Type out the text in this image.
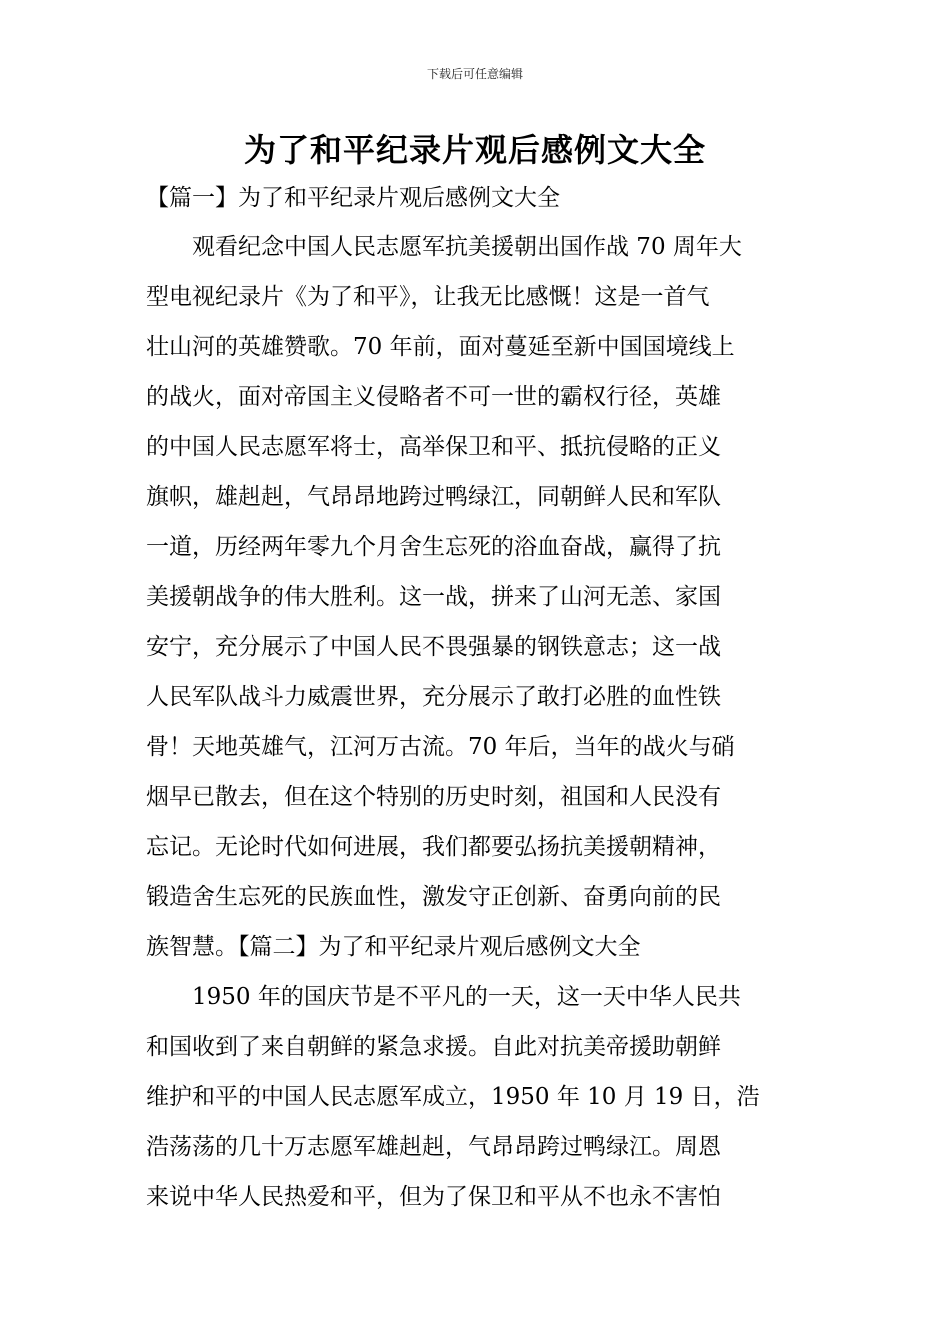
下载后可任意编辑
为了和平纪录片观后感例文大全
【篇一】为了和平纪录片观后感例文大全
　　观看纪念中国人民志愿军抗美援朝出国作战 70 周年大
型电视纪录片《为了和平》，让我无比感慨！这是一首气
壮山河的英雄赞歌。70 年前，面对蔓延至新中国国境线上
的战火，面对帝国主义侵略者不可一世的霸权行径，英雄
的中国人民志愿军将士，高举保卫和平、抵抗侵略的正义
旗帜，雄赳赳，气昂昂地跨过鸭绿江，同朝鲜人民和军队
一道，历经两年零九个月舍生忘死的浴血奋战，赢得了抗
美援朝战争的伟大胜利。这一战，拼来了山河无恙、家国
安宁，充分展示了中国人民不畏强暴的钢铁意志；这一战
人民军队战斗力威震世界，充分展示了敢打必胜的血性铁
骨！天地英雄气，江河万古流。70 年后，当年的战火与硝
烟早已散去，但在这个特别的历史时刻，祖国和人民没有
忘记。无论时代如何进展，我们都要弘扬抗美援朝精神，
锻造舍生忘死的民族血性，激发守正创新、奋勇向前的民
族智慧。【篇二】为了和平纪录片观后感例文大全
　　1950 年的国庆节是不平凡的一天，这一天中华人民共
和国收到了来自朝鲜的紧急求援。自此对抗美帝援助朝鲜
维护和平的中国人民志愿军成立，1950 年 10 月 19 日，浩
浩荡荡的几十万志愿军雄赳赳，气昂昂跨过鸭绿江。周恩
来说中华人民热爱和平，但为了保卫和平从不也永不害怕
